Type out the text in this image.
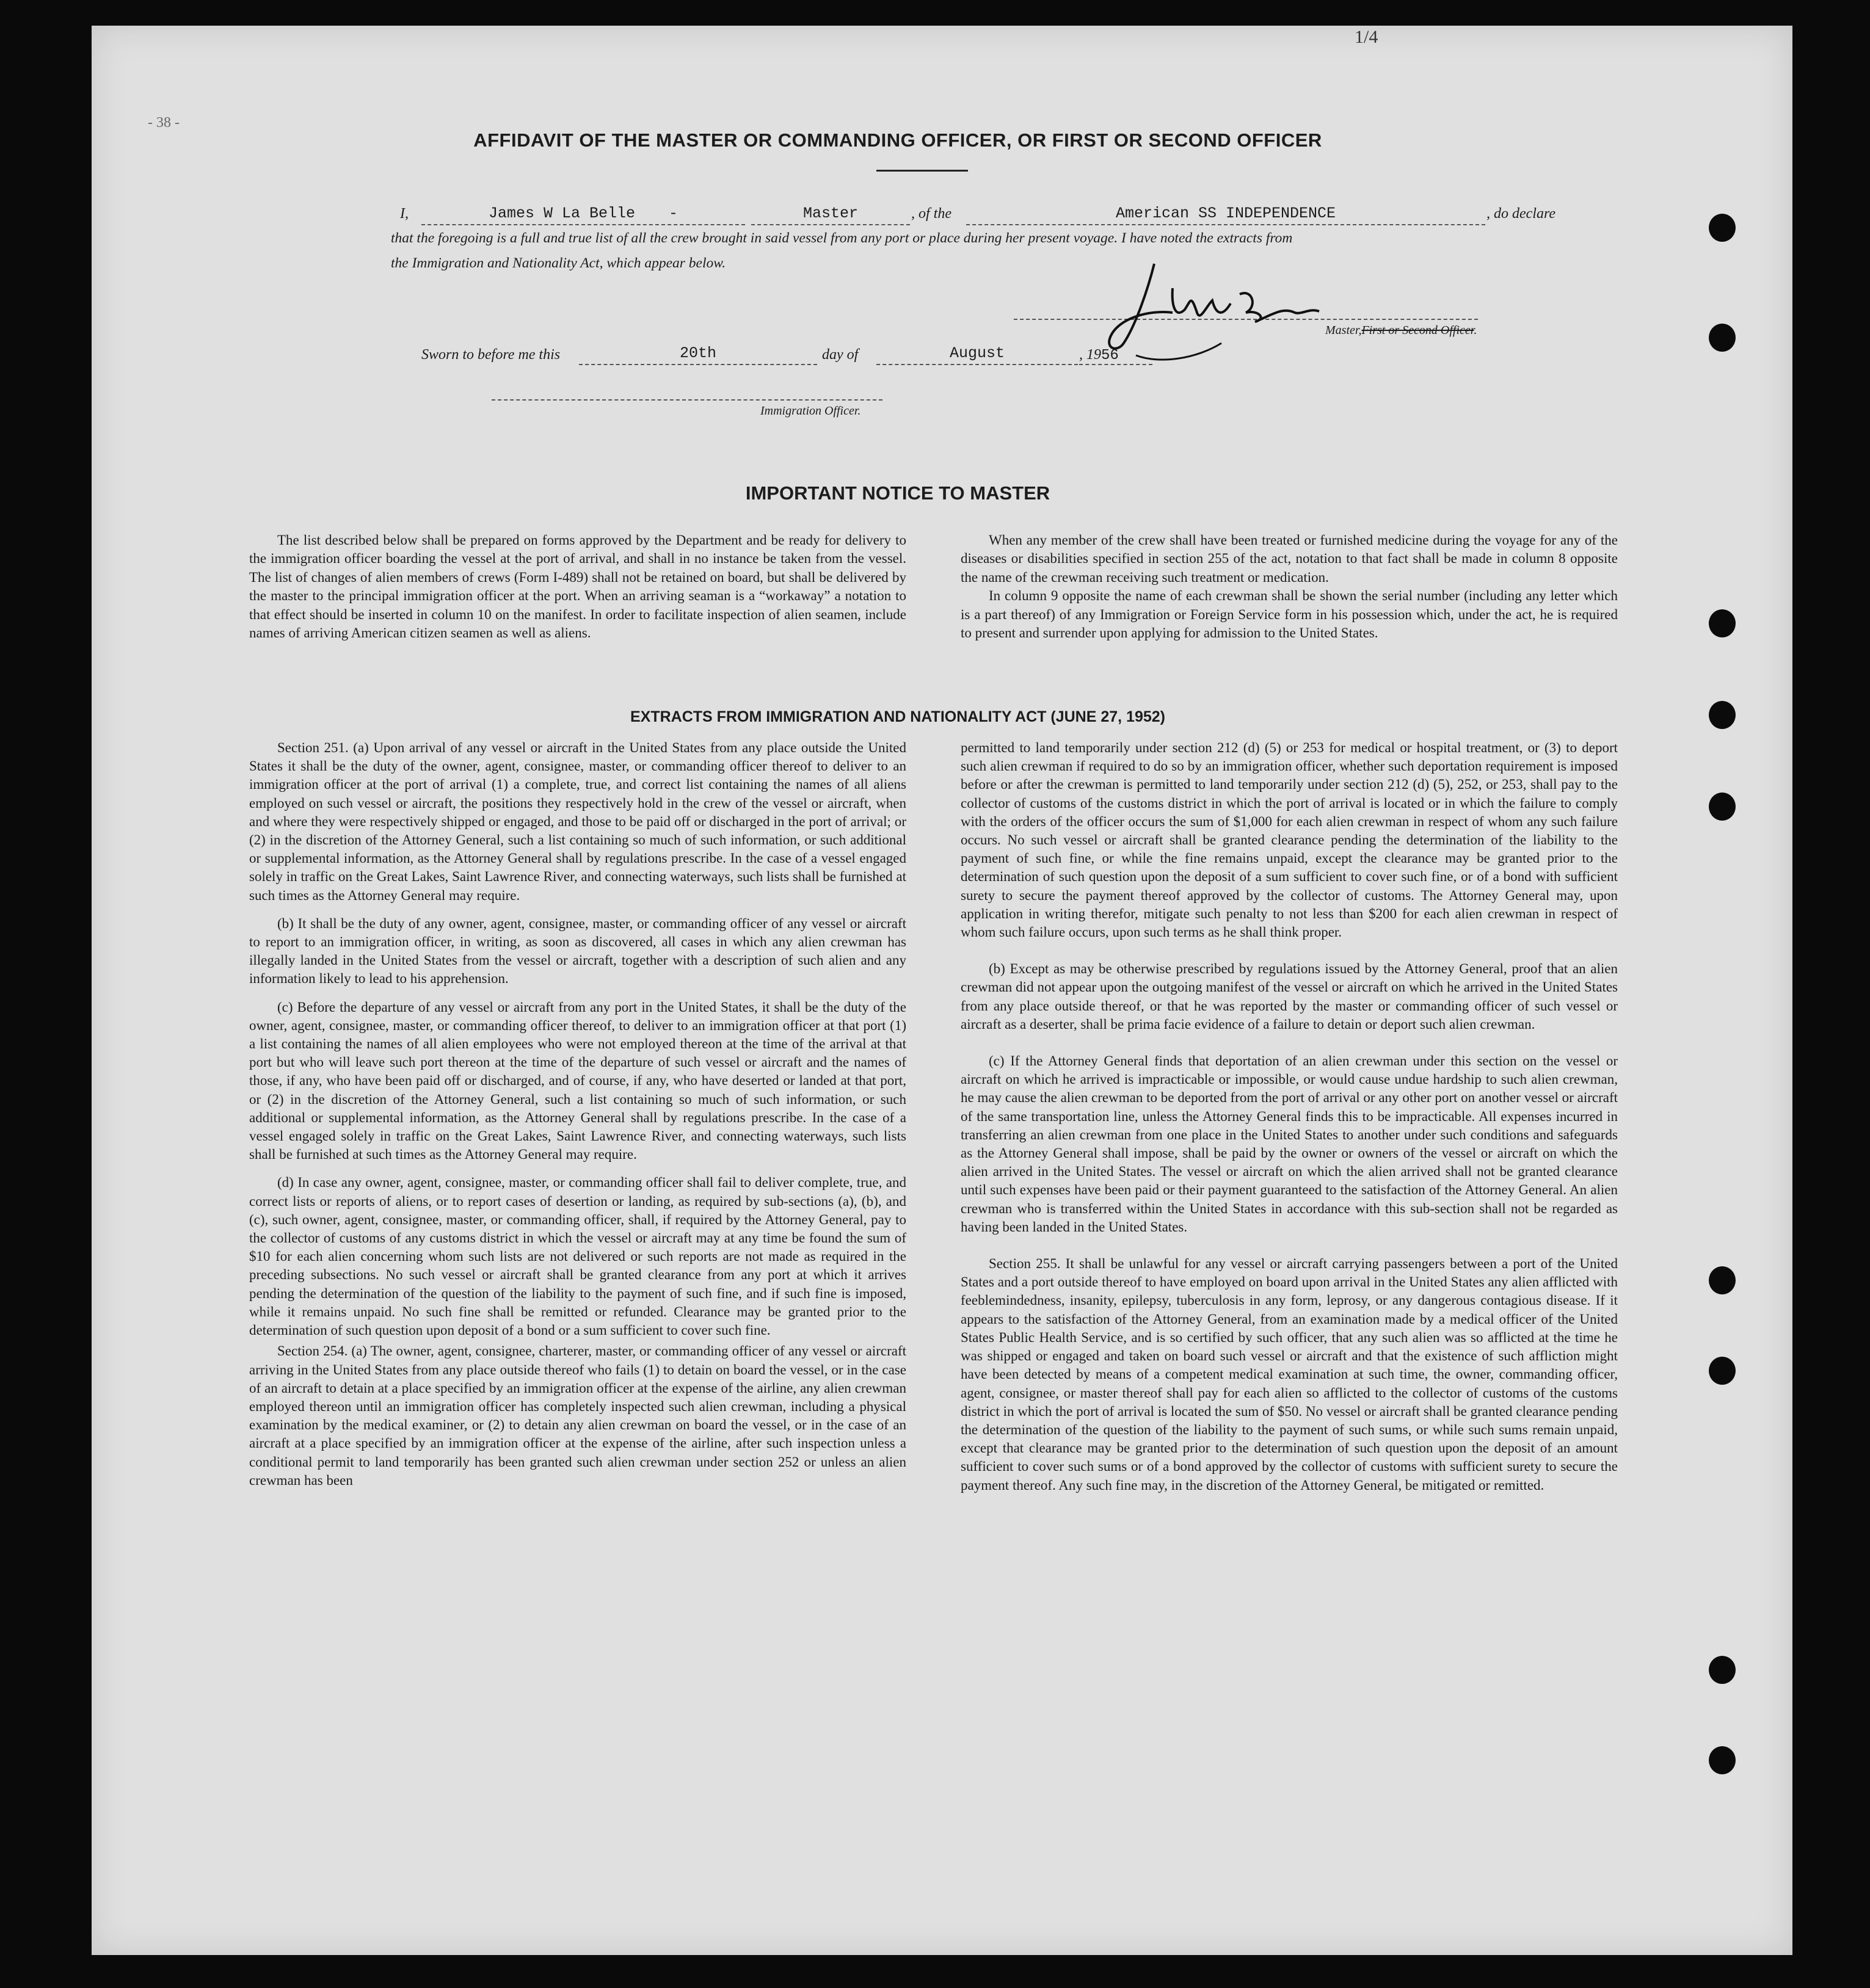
1/4
- 38 -
AFFIDAVIT OF THE MASTER OR COMMANDING OFFICER, OR FIRST OR SECOND OFFICER
I,	James W La Belle -	Master	, of the	American SS INDEPENDENCE	, do declare
that the foregoing is a full and true list of all the crew brought in said vessel from any port or place during her present voyage. I have noted the extracts from
the Immigration and Nationality Act, which appear below.
Master,First or Second Officer.
Sworn to before me this	20th	day of	August	, 1956
Immigration Officer.
IMPORTANT NOTICE TO MASTER

The list described below shall be prepared on forms approved by the Department and be ready for delivery to the immigration officer boarding the vessel at the port of arrival, and shall in no instance be taken from the vessel. The list of changes of alien members of crews (Form I-489) shall not be retained on board, but shall be delivered by the master to the principal immigration officer at the port. When an arriving seaman is a “workaway” a notation to that effect should be inserted in column 10 on the manifest. In order to facilitate inspection of alien seamen, include names of arriving American citizen seamen as well as aliens.

When any member of the crew shall have been treated or furnished medicine during the voyage for any of the diseases or disabilities specified in section 255 of the act, notation to that fact shall be made in column 8 opposite the name of the crewman receiving such treatment or medication.

In column 9 opposite the name of each crewman shall be shown the serial number (including any letter which is a part thereof) of any Immigration or Foreign Service form in his possession which, under the act, he is required to present and surrender upon applying for admission to the United States.

EXTRACTS FROM IMMIGRATION AND NATIONALITY ACT (JUNE 27, 1952)

Section 251. (a) Upon arrival of any vessel or aircraft in the United States from any place outside the United States it shall be the duty of the owner, agent, consignee, master, or commanding officer thereof to deliver to an immigration officer at the port of arrival (1) a complete, true, and correct list containing the names of all aliens employed on such vessel or aircraft, the positions they respectively hold in the crew of the vessel or aircraft, when and where they were respectively shipped or engaged, and those to be paid off or discharged in the port of arrival; or (2) in the discretion of the Attorney General, such a list containing so much of such information, or such additional or supplemental information, as the Attorney General shall by regulations prescribe. In the case of a vessel engaged solely in traffic on the Great Lakes, Saint Lawrence River, and connecting waterways, such lists shall be furnished at such times as the Attorney General may require.

(b) It shall be the duty of any owner, agent, consignee, master, or commanding officer of any vessel or aircraft to report to an immigration officer, in writing, as soon as discovered, all cases in which any alien crewman has illegally landed in the United States from the vessel or aircraft, together with a description of such alien and any information likely to lead to his apprehension.

(c) Before the departure of any vessel or aircraft from any port in the United States, it shall be the duty of the owner, agent, consignee, master, or commanding officer thereof, to deliver to an immigration officer at that port (1) a list containing the names of all alien employees who were not employed thereon at the time of the arrival at that port but who will leave such port thereon at the time of the departure of such vessel or aircraft and the names of those, if any, who have been paid off or discharged, and of course, if any, who have deserted or landed at that port, or (2) in the discretion of the Attorney General, such a list containing so much of such information, or such additional or supplemental information, as the Attorney General shall by regulations prescribe. In the case of a vessel engaged solely in traffic on the Great Lakes, Saint Lawrence River, and connecting waterways, such lists shall be furnished at such times as the Attorney General may require.

(d) In case any owner, agent, consignee, master, or commanding officer shall fail to deliver complete, true, and correct lists or reports of aliens, or to report cases of desertion or landing, as required by sub-sections (a), (b), and (c), such owner, agent, consignee, master, or commanding officer, shall, if required by the Attorney General, pay to the collector of customs of any customs district in which the vessel or aircraft may at any time be found the sum of $10 for each alien concerning whom such lists are not delivered or such reports are not made as required in the preceding subsections. No such vessel or aircraft shall be granted clearance from any port at which it arrives pending the determination of the question of the liability to the payment of such fine, and if such fine is imposed, while it remains unpaid. No such fine shall be remitted or refunded. Clearance may be granted prior to the determination of such question upon deposit of a bond or a sum sufficient to cover such fine.

Section 254. (a) The owner, agent, consignee, charterer, master, or commanding officer of any vessel or aircraft arriving in the United States from any place outside thereof who fails (1) to detain on board the vessel, or in the case of an aircraft to detain at a place specified by an immigration officer at the expense of the airline, any alien crewman employed thereon until an immigration officer has completely inspected such alien crewman, including a physical examination by the medical examiner, or (2) to detain any alien crewman on board the vessel, or in the case of an aircraft at a place specified by an immigration officer at the expense of the airline, after such inspection unless a conditional permit to land temporarily has been granted such alien crewman under section 252 or unless an alien crewman has been

permitted to land temporarily under section 212 (d) (5) or 253 for medical or hospital treatment, or (3) to deport such alien crewman if required to do so by an immigration officer, whether such deportation requirement is imposed before or after the crewman is permitted to land temporarily under section 212 (d) (5), 252, or 253, shall pay to the collector of customs of the customs district in which the port of arrival is located or in which the failure to comply with the orders of the officer occurs the sum of $1,000 for each alien crewman in respect of whom any such failure occurs. No such vessel or aircraft shall be granted clearance pending the determination of the liability to the payment of such fine, or while the fine remains unpaid, except the clearance may be granted prior to the determination of such question upon the deposit of a sum sufficient to cover such fine, or of a bond with sufficient surety to secure the payment thereof approved by the collector of customs. The Attorney General may, upon application in writing therefor, mitigate such penalty to not less than $200 for each alien crewman in respect of whom such failure occurs, upon such terms as he shall think proper.

(b) Except as may be otherwise prescribed by regulations issued by the Attorney General, proof that an alien crewman did not appear upon the outgoing manifest of the vessel or aircraft on which he arrived in the United States from any place outside thereof, or that he was reported by the master or commanding officer of such vessel or aircraft as a deserter, shall be prima facie evidence of a failure to detain or deport such alien crewman.

(c) If the Attorney General finds that deportation of an alien crewman under this section on the vessel or aircraft on which he arrived is impracticable or impossible, or would cause undue hardship to such alien crewman, he may cause the alien crewman to be deported from the port of arrival or any other port on another vessel or aircraft of the same transportation line, unless the Attorney General finds this to be impracticable. All expenses incurred in transferring an alien crewman from one place in the United States to another under such conditions and safeguards as the Attorney General shall impose, shall be paid by the owner or owners of the vessel or aircraft on which the alien arrived in the United States. The vessel or aircraft on which the alien arrived shall not be granted clearance until such expenses have been paid or their payment guaranteed to the satisfaction of the Attorney General. An alien crewman who is transferred within the United States in accordance with this sub-section shall not be regarded as having been landed in the United States.

Section 255. It shall be unlawful for any vessel or aircraft carrying passengers between a port of the United States and a port outside thereof to have employed on board upon arrival in the United States any alien afflicted with feeblemindedness, insanity, epilepsy, tuberculosis in any form, leprosy, or any dangerous contagious disease. If it appears to the satisfaction of the Attorney General, from an examination made by a medical officer of the United States Public Health Service, and is so certified by such officer, that any such alien was so afflicted at the time he was shipped or engaged and taken on board such vessel or aircraft and that the existence of such affliction might have been detected by means of a competent medical examination at such time, the owner, commanding officer, agent, consignee, or master thereof shall pay for each alien so afflicted to the collector of customs of the customs district in which the port of arrival is located the sum of $50. No vessel or aircraft shall be granted clearance pending the determination of the question of the liability to the payment of such sums, or while such sums remain unpaid, except that clearance may be granted prior to the determination of such question upon the deposit of an amount sufficient to cover such sums or of a bond approved by the collector of customs with sufficient surety to secure the payment thereof. Any such fine may, in the discretion of the Attorney General, be mitigated or remitted.
